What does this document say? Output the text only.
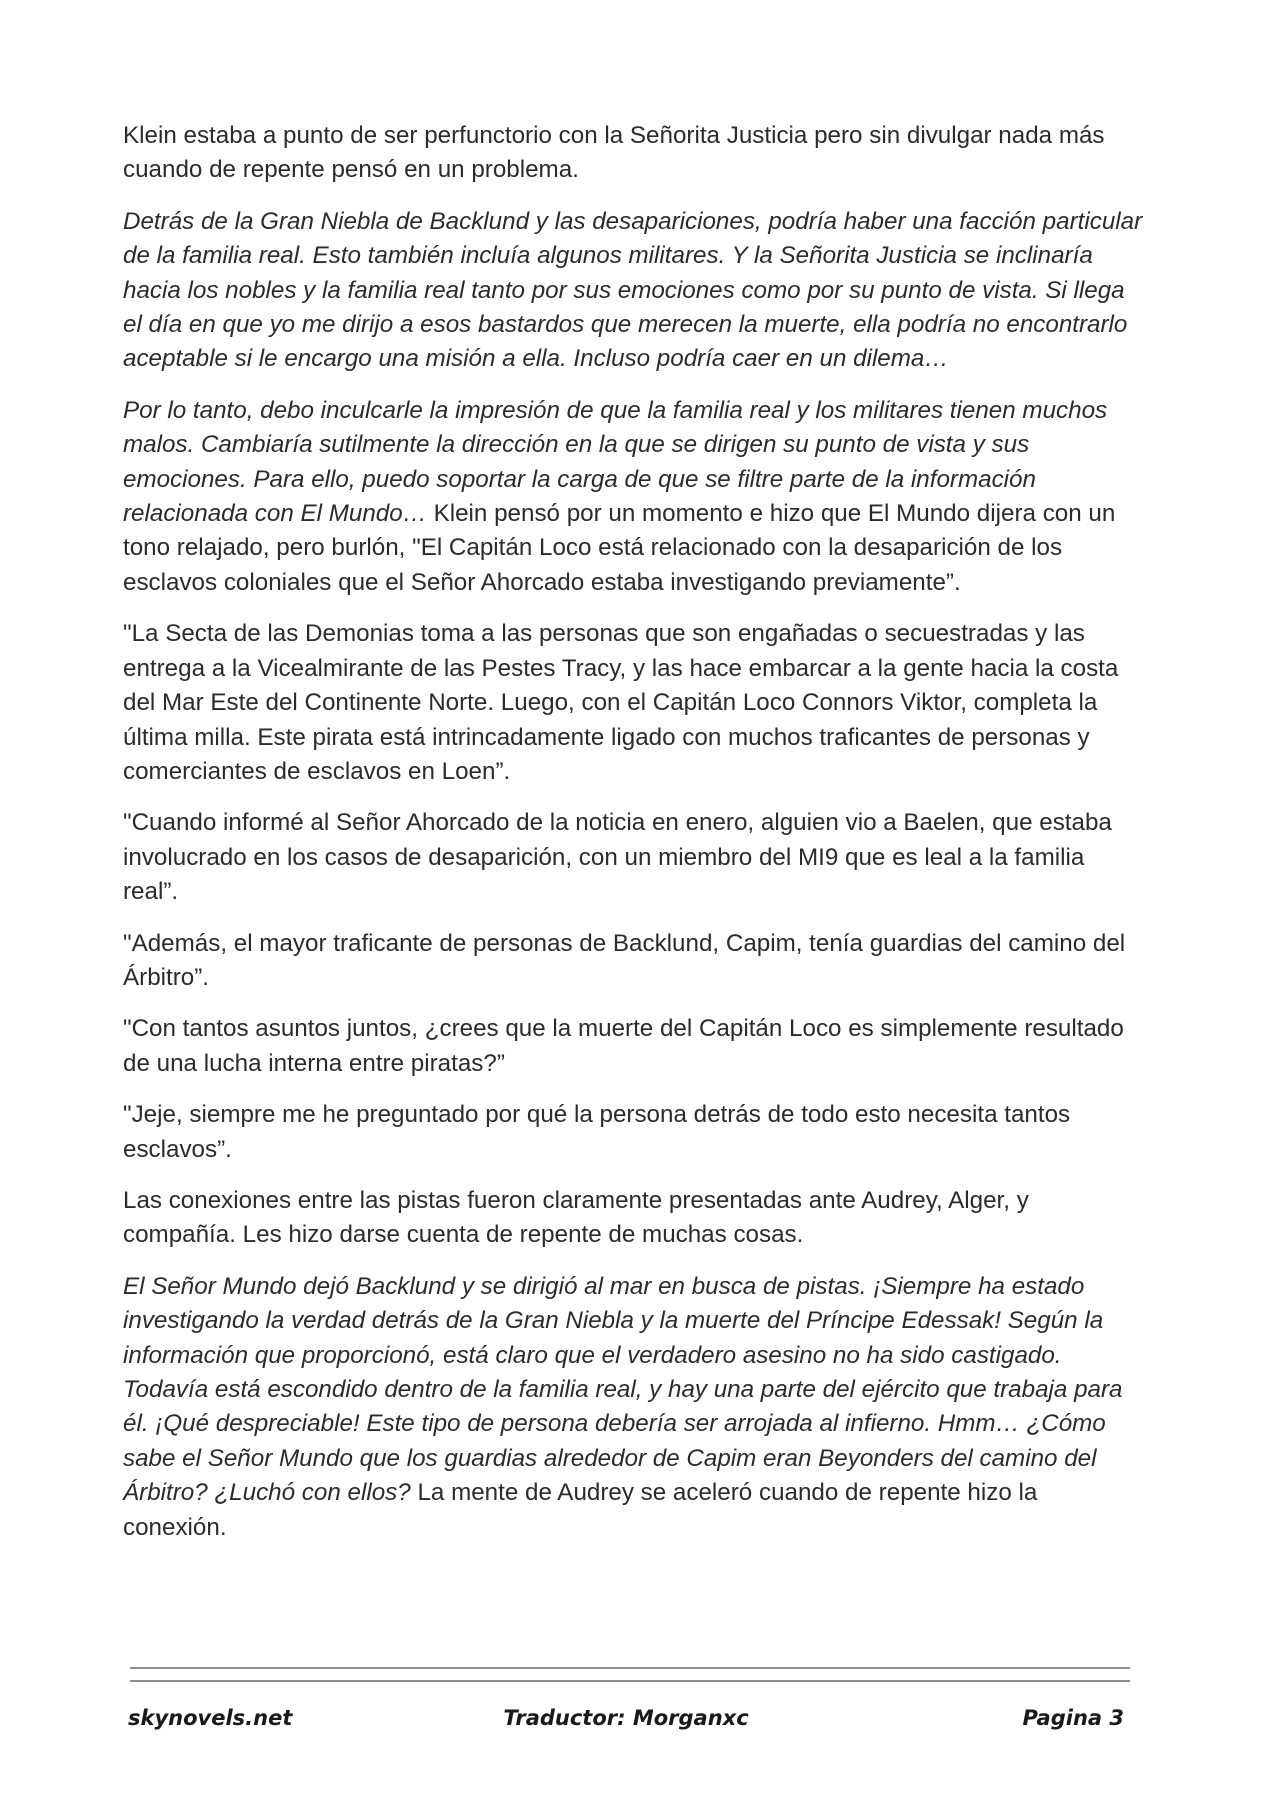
Klein estaba a punto de ser perfunctorio con la Señorita Justicia pero sin divulgar nada más cuando de repente pensó en un problema.

Detrás de la Gran Niebla de Backlund y las desapariciones, podría haber una facción particular de la familia real. Esto también incluía algunos militares. Y la Señorita Justicia se inclinaría hacia los nobles y la familia real tanto por sus emociones como por su punto de vista. Si llega el día en que yo me dirijo a esos bastardos que merecen la muerte, ella podría no encontrarlo aceptable si le encargo una misión a ella. Incluso podría caer en un dilema…

Por lo tanto, debo inculcarle la impresión de que la familia real y los militares tienen muchos malos. Cambiaría sutilmente la dirección en la que se dirigen su punto de vista y sus emociones. Para ello, puedo soportar la carga de que se filtre parte de la información relacionada con El Mundo… Klein pensó por un momento e hizo que El Mundo dijera con un tono relajado, pero burlón, "El Capitán Loco está relacionado con la desaparición de los esclavos coloniales que el Señor Ahorcado estaba investigando previamente”.

"La Secta de las Demonias toma a las personas que son engañadas o secuestradas y las entrega a la Vicealmirante de las Pestes Tracy, y las hace embarcar a la gente hacia la costa del Mar Este del Continente Norte. Luego, con el Capitán Loco Connors Viktor, completa la última milla. Este pirata está intrincadamente ligado con muchos traficantes de personas y comerciantes de esclavos en Loen”.

"Cuando informé al Señor Ahorcado de la noticia en enero, alguien vio a Baelen, que estaba involucrado en los casos de desaparición, con un miembro del MI9 que es leal a la familia real”.

"Además, el mayor traficante de personas de Backlund, Capim, tenía guardias del camino del Árbitro”.

"Con tantos asuntos juntos, ¿crees que la muerte del Capitán Loco es simplemente resultado de una lucha interna entre piratas?”

"Jeje, siempre me he preguntado por qué la persona detrás de todo esto necesita tantos esclavos”.

Las conexiones entre las pistas fueron claramente presentadas ante Audrey, Alger, y compañía. Les hizo darse cuenta de repente de muchas cosas.

El Señor Mundo dejó Backlund y se dirigió al mar en busca de pistas. ¡Siempre ha estado investigando la verdad detrás de la Gran Niebla y la muerte del Príncipe Edessak! Según la información que proporcionó, está claro que el verdadero asesino no ha sido castigado. Todavía está escondido dentro de la familia real, y hay una parte del ejército que trabaja para él. ¡Qué despreciable! Este tipo de persona debería ser arrojada al infierno. Hmm… ¿Cómo sabe el Señor Mundo que los guardias alrededor de Capim eran Beyonders del camino del Árbitro? ¿Luchó con ellos? La mente de Audrey se aceleró cuando de repente hizo la conexión.

skynovels.net	Traductor: Morganxc	Pagina 3
